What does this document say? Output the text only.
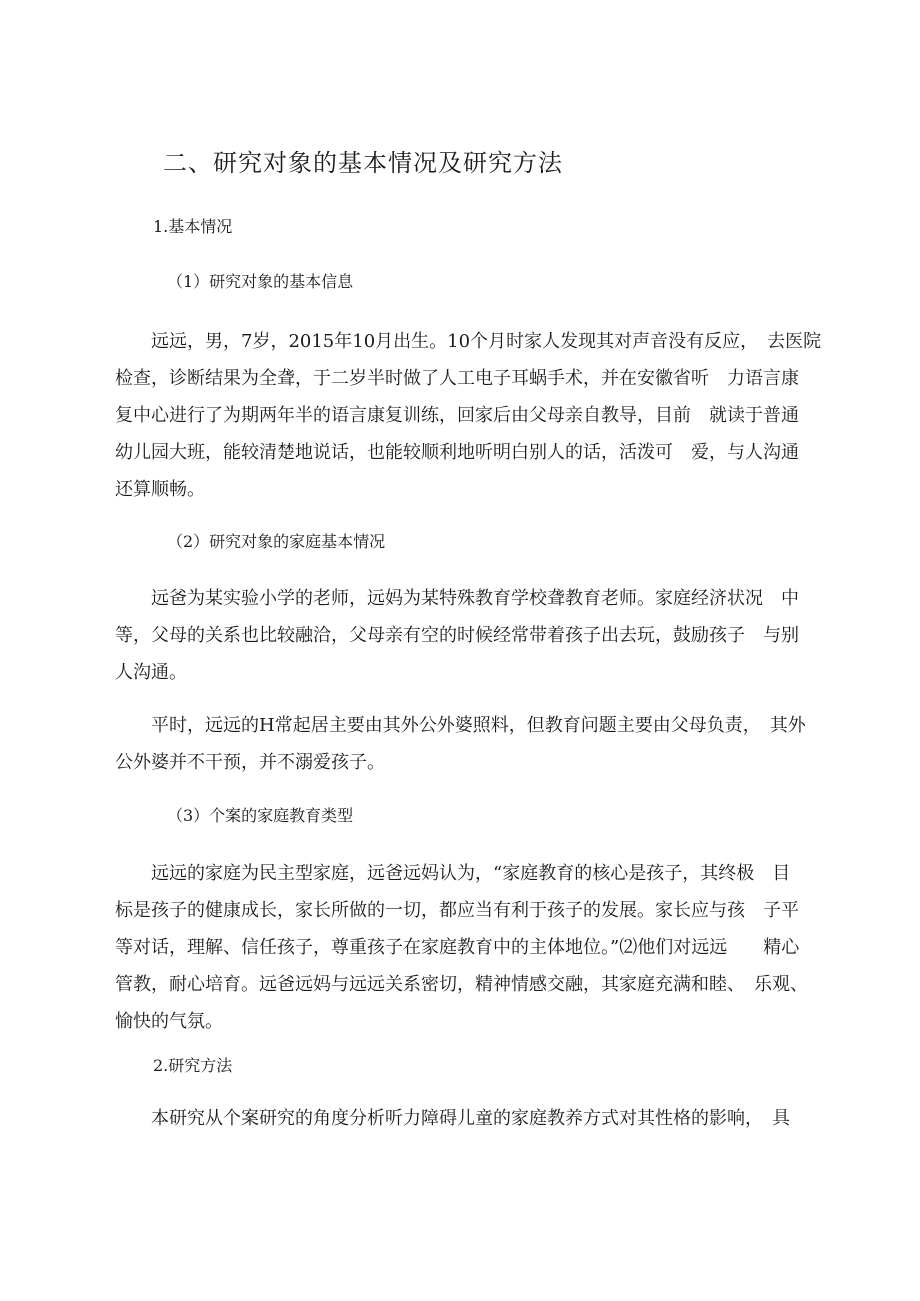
二、研究对象的基本情况及研究方法
1.基本情况
（1）研究对象的基本信息
　　远远，男，7岁，2015年10月出生。10个月时家人发现其对声音没有反应，　去医院
检查，诊断结果为全聋，于二岁半时做了人工电子耳蜗手术，并在安徽省听　力语言康
复中心进行了为期两年半的语言康复训练，回家后由父母亲自教导，目前　就读于普通
幼儿园大班，能较清楚地说话，也能较顺利地听明白别人的话，活泼可　爱，与人沟通
还算顺畅。
（2）研究对象的家庭基本情况
　　远爸为某实验小学的老师，远妈为某特殊教育学校聋教育老师。家庭经济状况　中
等，父母的关系也比较融洽，父母亲有空的时候经常带着孩子出去玩，鼓励孩子　与别
人沟通。
　　平时，远远的H常起居主要由其外公外婆照料，但教育问题主要由父母负责，　其外
公外婆并不干预，并不溺爱孩子。
（3）个案的家庭教育类型
　　远远的家庭为民主型家庭，远爸远妈认为，“家庭教育的核心是孩子，其终极　目
标是孩子的健康成长，家长所做的一切，都应当有利于孩子的发展。家长应与孩　子平
等对话，理解、信任孩子，尊重孩子在家庭教育中的主体地位。”⑵他们对远远　　精心
管教，耐心培育。远爸远妈与远远关系密切，精神情感交融，其家庭充满和睦、　乐观、
愉快的气氛。
2.研究方法
　　本研究从个案研究的角度分析听力障碍儿童的家庭教养方式对其性格的影响，　具
